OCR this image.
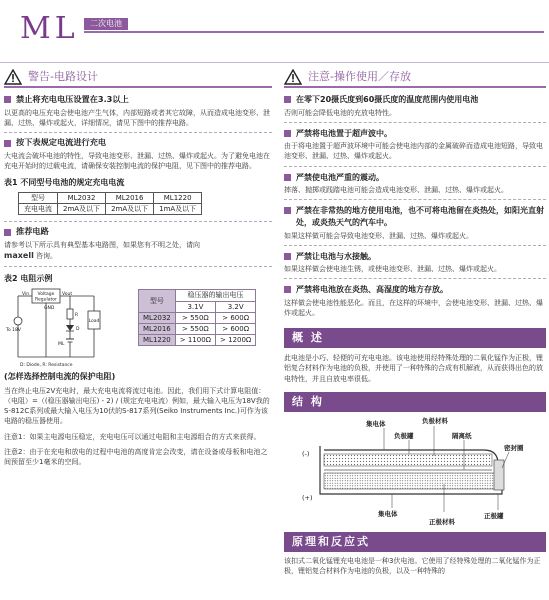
ML	二次电池
警告-电路设计
禁止将充电电压设置在3.3以上
以更高的电压充电会使电池产生气体，内部短路或者其它故障，从而造成电池变形、泄漏、过热、爆炸或起火，详细情况，请见下图中的推荐电路。
按下表规定电流进行充电
大电流会破坏电池的特性，导致电池变形、泄漏、过热、爆炸或起火。为了避免电池在充电开始时的过载电流，请确保安装控制电流的保护电阻，见下图中的推荐电路。
表1 不同型号电池的规定充电电流
型号	ML2032	ML2016	ML1220
充电电流	2mA及以下	2mA及以下	1mA及以下
推荐电路
请参考以下所示具有典型基本电路图，如果您有不明之处，请向
maxell 咨询。
表2 电阻示例
Voltage
Regulator
Vin	Vout
GND
To 18V
R
D
ML
Load
D: Diode, R: Resistance
型号	稳压器的输出电压	
	3.1V	3.2V
ML2032	> 550Ω	> 600Ω
ML2016	> 550Ω	> 600Ω
ML1220	> 1100Ω	> 1200Ω
(怎样选择控制电流的保护电阻)
当在终止电压2V充电时，最大充电电流将流过电池。因此，我们用下式计算电阻值：（电阻）=（(稳压器输出电压) - 2) / (规定充电电流）例如，最大输入电压为18V我的S-812C系列或最大输入电压为10伏的S-817系列(Seiko Instruments Inc.)可作为该电路的稳压器使用。
注意1：如果主电源电压稳定，充电电压可以通过电阻和主电源组合的方式来获得。
注意2：由于在充电和放电的过程中电池的高度肯定会改变，请在设备或母板和电池之间预留至少1毫米的空间。
注意-操作使用／存放
在零下20摄氏度到60摄氏度的温度范围内使用电池
否则可能会降低电池的充放电特性。
严禁将电池置于超声波中。
由于将电池置于超声波环境中可能会使电池内部的金属破碎而造成电池短路，导致电池变形、泄漏、过热、爆炸或起火。
严禁使电池严重的震动。
摔落、抛掷或践踏电池可能会造成电池变形、泄漏、过热、爆炸或起火。
严禁在非常热的地方使用电池，也不可将电池留在炎热处，如阳光直射处，或炎热天气的汽车中。
如果这样做可能会导致电池变形、泄漏、过热、爆炸或起火。
严禁让电池与水接触。
如果这样做会使电池生锈，或使电池变形、泄漏、过热、爆炸或起火。
严禁将电池放在炎热、高湿度的地方存放。
这样做会使电池性能恶化。而且，在这样的环境中，会使电池变形、泄漏、过热、爆炸或起火。
概 述
此电池是小巧、轻便的可充电电池。该电池使用经特殊处理的二氧化锰作为正极，锂铝复合材料作为电池的负极，并使用了一种特殊的合成有机解液，从而获得出色的放电特性，并且自放电率很低。
结 构
集电体	负极材料
负极罐	隔离纸
密封圈
(-)
(+)
集电体
正极材料
正极罐
原理和反应式
该扣式二氧化锰锂充电电池是一种3伏电池。它使用了经特殊处理的二氧化锰作为正极，锂铝复合材料作为电池的负极，以及一种特殊的
